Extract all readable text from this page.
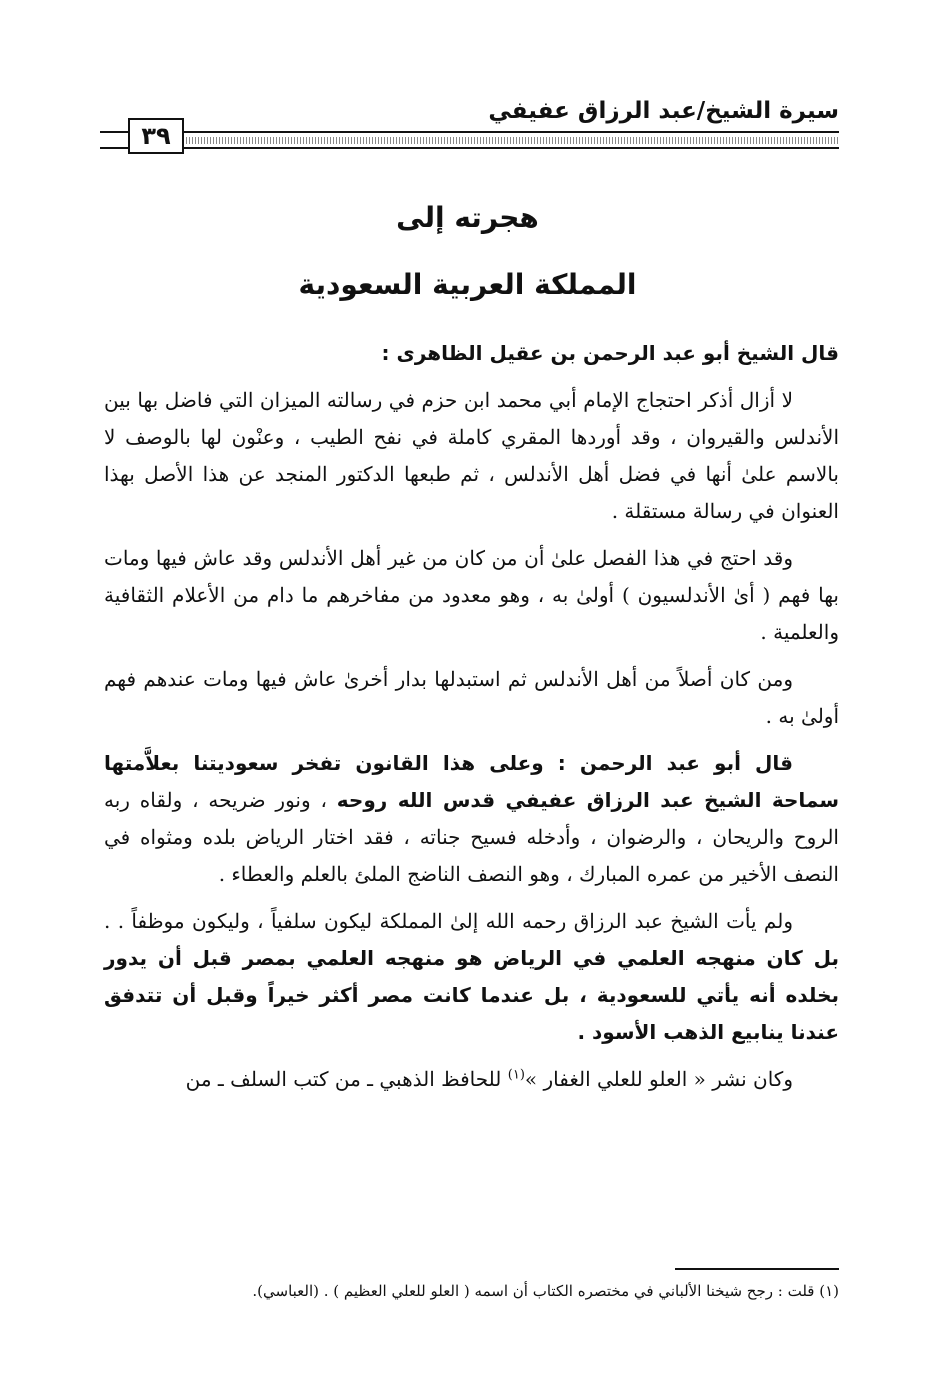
سيرة الشيخ/عبد الرزاق عفيفي
٣٩
هجرته إلى
المملكة العربية السعودية

قال الشيخ أبو عبد الرحمن بن عقيل الظاهرى :

لا أزال أذكر احتجاج الإمام أبي محمد ابن حزم في رسالته الميزان التي فاضل بها بين الأندلس والقيروان ، وقد أوردها المقري كاملة في نفح الطيب ، وعنْون لها بالوصف لا بالاسم علىٰ أنها في فضل أهل الأندلس ، ثم طبعها الدكتور المنجد عن هذا الأصل بهذا العنوان في رسالة مستقلة .

وقد احتج في هذا الفصل علىٰ أن من كان من غير أهل الأندلس وقد عاش فيها ومات بها فهم ( أىٰ الأندلسيون ) أولىٰ به ، وهو معدود من مفاخرهم ما دام من الأعلام الثقافية والعلمية .

ومن كان أصلاً من أهل الأندلس ثم استبدلها بدار أخرىٰ عاش فيها ومات عندهم فهم أولىٰ به .

قال أبو عبد الرحمن : وعلى هذا القانون تفخر سعوديتنا بعلاَّمتها سماحة الشيخ عبد الرزاق عفيفي قدس الله روحه ، ونور ضريحه ، ولقاه ربه الروح والريحان ، والرضوان ، وأدخله فسيح جناته ، فقد اختار الرياض بلده ومثواه في النصف الأخير من عمره المبارك ، وهو النصف الناضج الملئ بالعلم والعطاء .

ولم يأت الشيخ عبد الرزاق رحمه الله إلىٰ المملكة ليكون سلفياً ، وليكون موظفاً . . بل كان منهجه العلمي في الرياض هو منهجه العلمي بمصر قبل أن يدور بخلده أنه يأتي للسعودية ، بل عندما كانت مصر أكثر خيراً وقبل أن تتدفق عندنا ينابيع الذهب الأسود .

وكان نشر « العلو للعلي الغفار »$^{(١)}$ للحافظ الذهبي ـ من كتب السلف ـ من

(١) قلت : رجح شيخنا الألباني في مختصره الكتاب أن اسمه ( العلو للعلي العظيم ) . (العباسي).
